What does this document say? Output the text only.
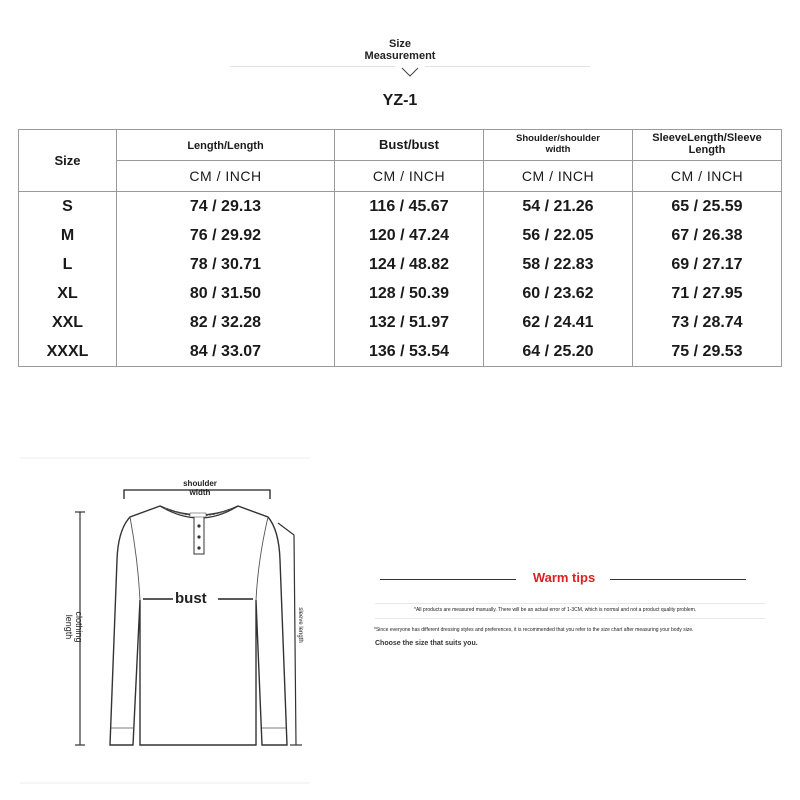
Size
Measurement
YZ-1
Size	Length/Length	Bust/bust	Shoulder/shoulder width	SleeveLength/Sleeve Length
	CM / INCH	CM / INCH	CM / INCH	CM / INCH
S	74 / 29.13	116 / 45.67	54 / 21.26	65 / 25.59
M	76 / 29.92	120 / 47.24	56 / 22.05	67 / 26.38
L	78 / 30.71	124 / 48.82	58 / 22.83	69 / 27.17
XL	80 / 31.50	128 / 50.39	60 / 23.62	71 / 27.95
XXL	82 / 32.28	132 / 51.97	62 / 24.41	73 / 28.74
XXXL	84 / 33.07	136 / 53.54	64 / 25.20	75 / 29.53
shoulder
width
bust
clothing
length	sleeve length
Warm tips
*All products are measured manually. There will be an actual error of 1-3CM, which is normal and not a product quality problem.
*Since everyone has different dressing styles and preferences, it is recommended that you refer to the size chart after measuring your body size.
Choose the size that suits you.
